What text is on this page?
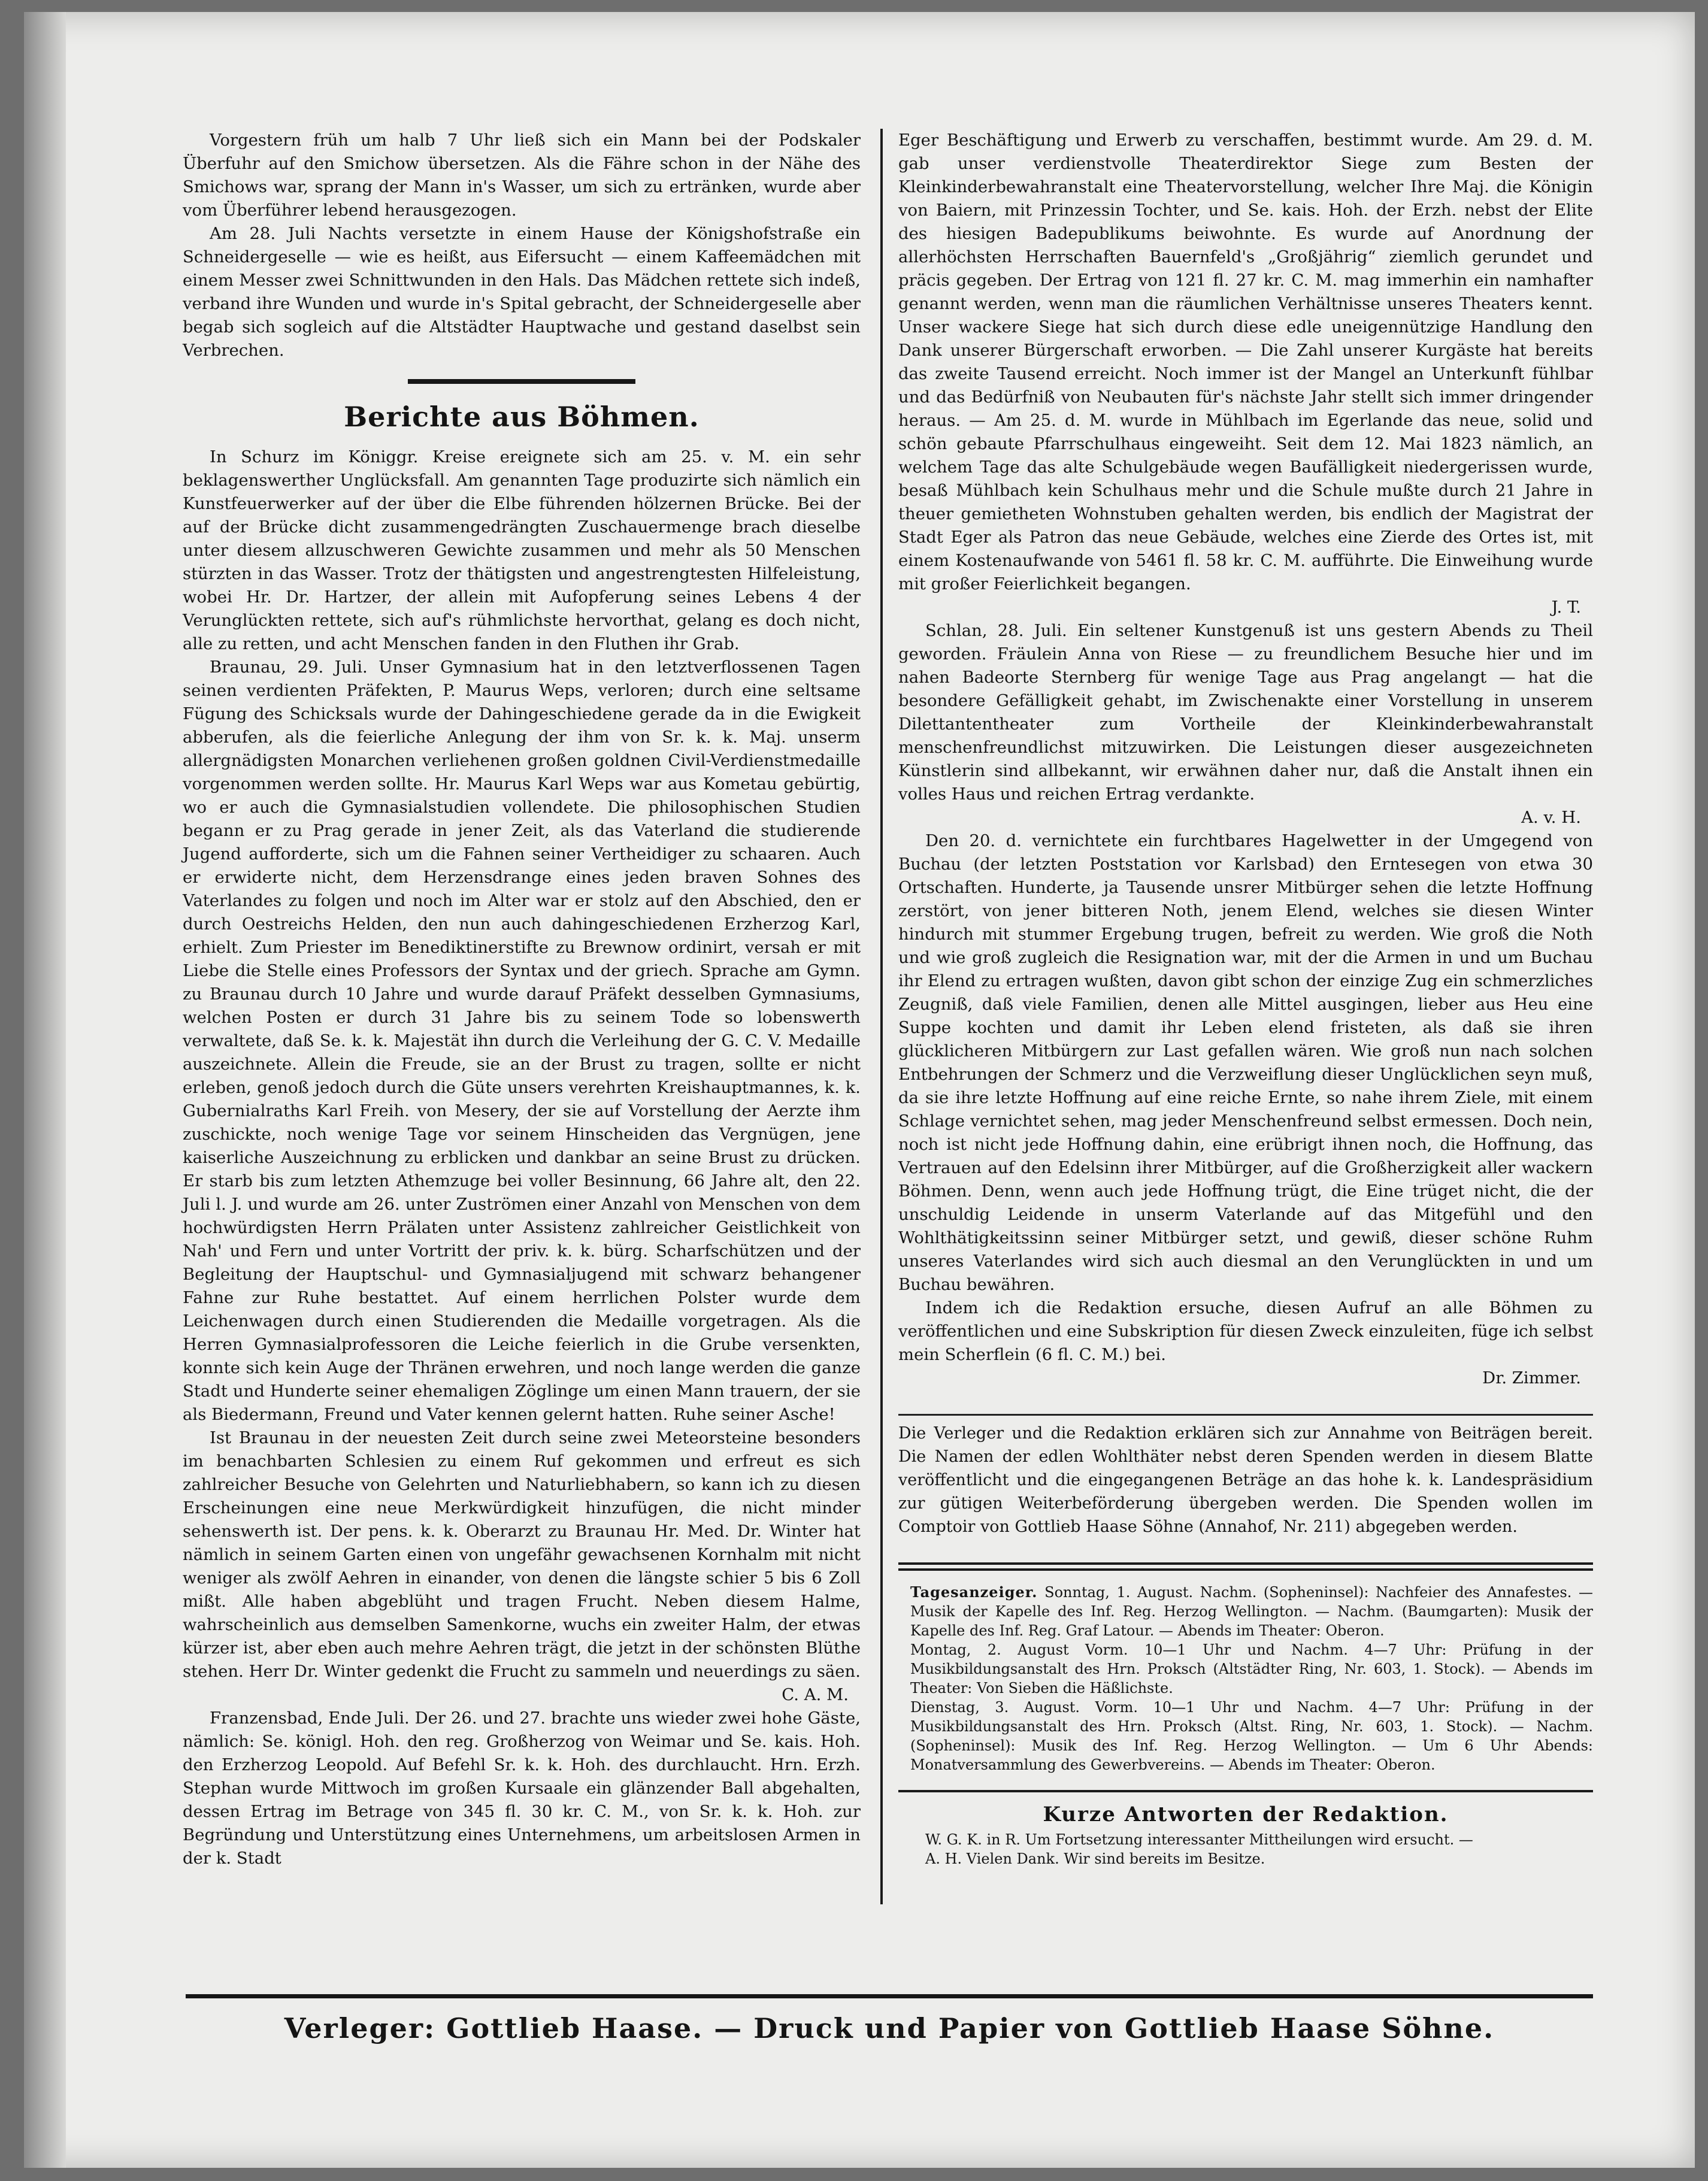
Vorgestern früh um halb 7 Uhr ließ sich ein Mann bei der Podskaler Überfuhr auf den Smichow übersetzen. Als die Fähre schon in der Nähe des Smichows war, sprang der Mann in's Wasser, um sich zu ertränken, wurde aber vom Überführer lebend herausgezogen.

Am 28. Juli Nachts versetzte in einem Hause der Königshofstraße ein Schneidergeselle — wie es heißt, aus Eifersucht — einem Kaffeemädchen mit einem Messer zwei Schnittwunden in den Hals. Das Mädchen rettete sich indeß, verband ihre Wunden und wurde in's Spital gebracht, der Schneidergeselle aber begab sich sogleich auf die Altstädter Hauptwache und gestand daselbst sein Verbrechen.

Berichte aus Böhmen.

In Schurz im Königgr. Kreise ereignete sich am 25. v. M. ein sehr beklagenswerther Unglücksfall. Am genannten Tage produzirte sich nämlich ein Kunstfeuerwerker auf der über die Elbe führenden hölzernen Brücke. Bei der auf der Brücke dicht zusammengedrängten Zuschauermenge brach dieselbe unter diesem allzuschweren Gewichte zusammen und mehr als 50 Menschen stürzten in das Wasser. Trotz der thätigsten und angestrengtesten Hilfeleistung, wobei Hr. Dr. Hartzer, der allein mit Aufopferung seines Lebens 4 der Verunglückten rettete, sich auf's rühmlichste hervorthat, gelang es doch nicht, alle zu retten, und acht Menschen fanden in den Fluthen ihr Grab.

Braunau, 29. Juli. Unser Gymnasium hat in den letztverflossenen Tagen seinen verdienten Präfekten, P. Maurus Weps, verloren; durch eine seltsame Fügung des Schicksals wurde der Dahingeschiedene gerade da in die Ewigkeit abberufen, als die feierliche Anlegung der ihm von Sr. k. k. Maj. unserm allergnädigsten Monarchen verliehenen großen goldnen Civil-Verdienstmedaille vorgenommen werden sollte. Hr. Maurus Karl Weps war aus Kometau gebürtig, wo er auch die Gymnasialstudien vollendete. Die philosophischen Studien begann er zu Prag gerade in jener Zeit, als das Vaterland die studierende Jugend aufforderte, sich um die Fahnen seiner Vertheidiger zu schaaren. Auch er erwiderte nicht, dem Herzensdrange eines jeden braven Sohnes des Vaterlandes zu folgen und noch im Alter war er stolz auf den Abschied, den er durch Oestreichs Helden, den nun auch dahingeschiedenen Erzherzog Karl, erhielt. Zum Priester im Benediktinerstifte zu Brewnow ordinirt, versah er mit Liebe die Stelle eines Professors der Syntax und der griech. Sprache am Gymn. zu Braunau durch 10 Jahre und wurde darauf Präfekt desselben Gymnasiums, welchen Posten er durch 31 Jahre bis zu seinem Tode so lobenswerth verwaltete, daß Se. k. k. Majestät ihn durch die Verleihung der G. C. V. Medaille auszeichnete. Allein die Freude, sie an der Brust zu tragen, sollte er nicht erleben, genoß jedoch durch die Güte unsers verehrten Kreishauptmannes, k. k. Gubernialraths Karl Freih. von Mesery, der sie auf Vorstellung der Aerzte ihm zuschickte, noch wenige Tage vor seinem Hinscheiden das Vergnügen, jene kaiserliche Auszeichnung zu erblicken und dankbar an seine Brust zu drücken. Er starb bis zum letzten Athemzuge bei voller Besinnung, 66 Jahre alt, den 22. Juli l. J. und wurde am 26. unter Zuströmen einer Anzahl von Menschen von dem hochwürdigsten Herrn Prälaten unter Assistenz zahlreicher Geistlichkeit von Nah' und Fern und unter Vortritt der priv. k. k. bürg. Scharfschützen und der Begleitung der Hauptschul- und Gymnasialjugend mit schwarz behangener Fahne zur Ruhe bestattet. Auf einem herrlichen Polster wurde dem Leichenwagen durch einen Studierenden die Medaille vorgetragen. Als die Herren Gymnasialprofessoren die Leiche feierlich in die Grube versenkten, konnte sich kein Auge der Thränen erwehren, und noch lange werden die ganze Stadt und Hunderte seiner ehemaligen Zöglinge um einen Mann trauern, der sie als Biedermann, Freund und Vater kennen gelernt hatten. Ruhe seiner Asche!

Ist Braunau in der neuesten Zeit durch seine zwei Meteorsteine besonders im benachbarten Schlesien zu einem Ruf gekommen und erfreut es sich zahlreicher Besuche von Gelehrten und Naturliebhabern, so kann ich zu diesen Erscheinungen eine neue Merkwürdigkeit hinzufügen, die nicht minder sehenswerth ist. Der pens. k. k. Oberarzt zu Braunau Hr. Med. Dr. Winter hat nämlich in seinem Garten einen von ungefähr gewachsenen Kornhalm mit nicht weniger als zwölf Aehren in einander, von denen die längste schier 5 bis 6 Zoll mißt. Alle haben abgeblüht und tragen Frucht. Neben diesem Halme, wahrscheinlich aus demselben Samenkorne, wuchs ein zweiter Halm, der etwas kürzer ist, aber eben auch mehre Aehren trägt, die jetzt in der schönsten Blüthe stehen. Herr Dr. Winter gedenkt die Frucht zu sammeln und neuerdings zu säen.

C. A. M.

Franzensbad, Ende Juli. Der 26. und 27. brachte uns wieder zwei hohe Gäste, nämlich: Se. königl. Hoh. den reg. Großherzog von Weimar und Se. kais. Hoh. den Erzherzog Leopold. Auf Befehl Sr. k. k. Hoh. des durchlaucht. Hrn. Erzh. Stephan wurde Mittwoch im großen Kursaale ein glänzender Ball abgehalten, dessen Ertrag im Betrage von 345 fl. 30 kr. C. M., von Sr. k. k. Hoh. zur Begründung und Unterstützung eines Unternehmens, um arbeitslosen Armen in der k. Stadt

Eger Beschäftigung und Erwerb zu verschaffen, bestimmt wurde. Am 29. d. M. gab unser verdienstvolle Theaterdirektor Siege zum Besten der Kleinkinderbewahranstalt eine Theatervorstellung, welcher Ihre Maj. die Königin von Baiern, mit Prinzessin Tochter, und Se. kais. Hoh. der Erzh. nebst der Elite des hiesigen Badepublikums beiwohnte. Es wurde auf Anordnung der allerhöchsten Herrschaften Bauernfeld's „Großjährig“ ziemlich gerundet und präcis gegeben. Der Ertrag von 121 fl. 27 kr. C. M. mag immerhin ein namhafter genannt werden, wenn man die räumlichen Verhältnisse unseres Theaters kennt. Unser wackere Siege hat sich durch diese edle uneigennützige Handlung den Dank unserer Bürgerschaft erworben. — Die Zahl unserer Kurgäste hat bereits das zweite Tausend erreicht. Noch immer ist der Mangel an Unterkunft fühlbar und das Bedürfniß von Neubauten für's nächste Jahr stellt sich immer dringender heraus. — Am 25. d. M. wurde in Mühlbach im Egerlande das neue, solid und schön gebaute Pfarrschulhaus eingeweiht. Seit dem 12. Mai 1823 nämlich, an welchem Tage das alte Schulgebäude wegen Baufälligkeit niedergerissen wurde, besaß Mühlbach kein Schulhaus mehr und die Schule mußte durch 21 Jahre in theuer gemietheten Wohnstuben gehalten werden, bis endlich der Magistrat der Stadt Eger als Patron das neue Gebäude, welches eine Zierde des Ortes ist, mit einem Kostenaufwande von 5461 fl. 58 kr. C. M. aufführte. Die Einweihung wurde mit großer Feierlichkeit begangen.

J. T.

Schlan, 28. Juli. Ein seltener Kunstgenuß ist uns gestern Abends zu Theil geworden. Fräulein Anna von Riese — zu freundlichem Besuche hier und im nahen Badeorte Sternberg für wenige Tage aus Prag angelangt — hat die besondere Gefälligkeit gehabt, im Zwischenakte einer Vorstellung in unserem Dilettantentheater zum Vortheile der Kleinkinderbewahranstalt menschenfreundlichst mitzuwirken. Die Leistungen dieser ausgezeichneten Künstlerin sind allbekannt, wir erwähnen daher nur, daß die Anstalt ihnen ein volles Haus und reichen Ertrag verdankte.

A. v. H.

Den 20. d. vernichtete ein furchtbares Hagelwetter in der Umgegend von Buchau (der letzten Poststation vor Karlsbad) den Erntesegen von etwa 30 Ortschaften. Hunderte, ja Tausende unsrer Mitbürger sehen die letzte Hoffnung zerstört, von jener bitteren Noth, jenem Elend, welches sie diesen Winter hindurch mit stummer Ergebung trugen, befreit zu werden. Wie groß die Noth und wie groß zugleich die Resignation war, mit der die Armen in und um Buchau ihr Elend zu ertragen wußten, davon gibt schon der einzige Zug ein schmerzliches Zeugniß, daß viele Familien, denen alle Mittel ausgingen, lieber aus Heu eine Suppe kochten und damit ihr Leben elend fristeten, als daß sie ihren glücklicheren Mitbürgern zur Last gefallen wären. Wie groß nun nach solchen Entbehrungen der Schmerz und die Verzweiflung dieser Unglücklichen seyn muß, da sie ihre letzte Hoffnung auf eine reiche Ernte, so nahe ihrem Ziele, mit einem Schlage vernichtet sehen, mag jeder Menschenfreund selbst ermessen. Doch nein, noch ist nicht jede Hoffnung dahin, eine erübrigt ihnen noch, die Hoffnung, das Vertrauen auf den Edelsinn ihrer Mitbürger, auf die Großherzigkeit aller wackern Böhmen. Denn, wenn auch jede Hoffnung trügt, die Eine trüget nicht, die der unschuldig Leidende in unserm Vaterlande auf das Mitgefühl und den Wohlthätigkeitssinn seiner Mitbürger setzt, und gewiß, dieser schöne Ruhm unseres Vaterlandes wird sich auch diesmal an den Verunglückten in und um Buchau bewähren.

Indem ich die Redaktion ersuche, diesen Aufruf an alle Böhmen zu veröffentlichen und eine Subskription für diesen Zweck einzuleiten, füge ich selbst mein Scherflein (6 fl. C. M.) bei.

Dr. Zimmer.

Die Verleger und die Redaktion erklären sich zur Annahme von Beiträgen bereit. Die Namen der edlen Wohlthäter nebst deren Spenden werden in diesem Blatte veröffentlicht und die eingegangenen Beträge an das hohe k. k. Landespräsidium zur gütigen Weiterbeförderung übergeben werden. Die Spenden wollen im Comptoir von Gottlieb Haase Söhne (Annahof, Nr. 211) abgegeben werden.

Tagesanzeiger. Sonntag, 1. August. Nachm. (Sopheninsel): Nachfeier des Annafestes. — Musik der Kapelle des Inf. Reg. Herzog Wellington. — Nachm. (Baumgarten): Musik der Kapelle des Inf. Reg. Graf Latour. — Abends im Theater: Oberon.

Montag, 2. August Vorm. 10—1 Uhr und Nachm. 4—7 Uhr: Prüfung in der Musikbildungsanstalt des Hrn. Proksch (Altstädter Ring, Nr. 603, 1. Stock). — Abends im Theater: Von Sieben die Häßlichste.

Dienstag, 3. August. Vorm. 10—1 Uhr und Nachm. 4—7 Uhr: Prüfung in der Musikbildungsanstalt des Hrn. Proksch (Altst. Ring, Nr. 603, 1. Stock). — Nachm. (Sopheninsel): Musik des Inf. Reg. Herzog Wellington. — Um 6 Uhr Abends: Monatversammlung des Gewerbvereins. — Abends im Theater: Oberon.

Kurze Antworten der Redaktion.

W. G. K. in R. Um Fortsetzung interessanter Mittheilungen wird ersucht. —

A. H. Vielen Dank. Wir sind bereits im Besitze.

Verleger: Gottlieb Haase. — Druck und Papier von Gottlieb Haase Söhne.
